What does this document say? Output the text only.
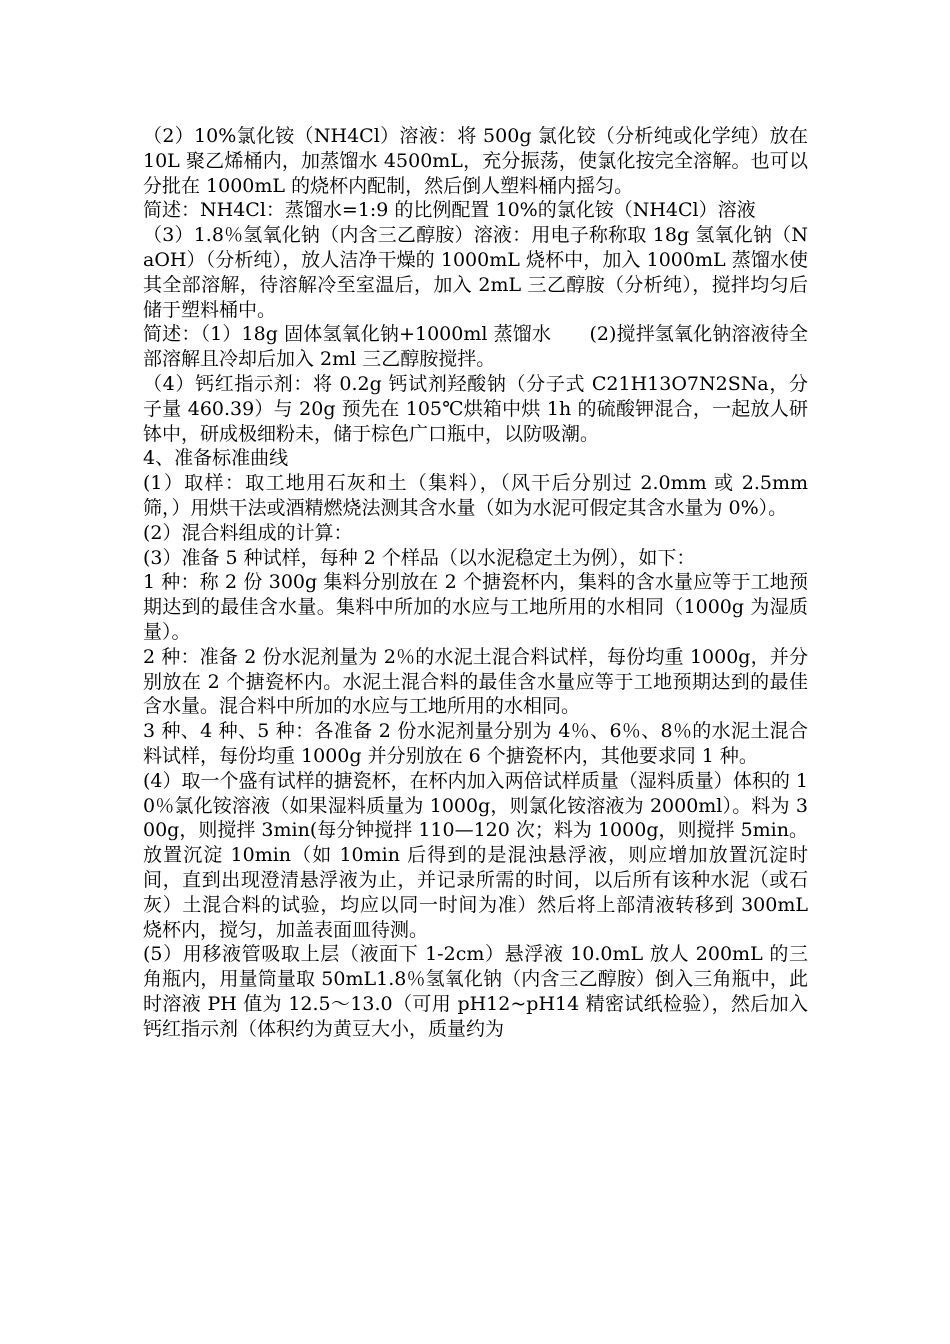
（2）10%氯化铵（NH4Cl）溶液：将 500g 氯化铰（分析纯或化学纯）放在 10L 聚乙烯桶内，加蒸馏水 4500mL，充分振荡，使氯化按完全溶解。也可以分批在 1000mL 的烧杯内配制，然后倒人塑料桶内摇匀。

简述：NH4Cl：蒸馏水=1:9 的比例配置 10%的氯化铵（NH4Cl）溶液

（3）1.8％氢氧化钠（内含三乙醇胺）溶液：用电子称称取 18g 氢氧化钠（NaOH）（分析纯），放人洁净干燥的 1000mL 烧杯中，加入 1000mL 蒸馏水使其全部溶解，待溶解冷至室温后，加入 2mL 三乙醇胺（分析纯），搅拌均匀后储于塑料桶中。

简述：（1）18g 固体氢氧化钠+1000ml 蒸馏水　　(2)搅拌氢氧化钠溶液待全部溶解且冷却后加入 2ml 三乙醇胺搅拌。

（4）钙红指示剂：将 0.2g 钙试剂羟酸钠（分子式 C21H13O7N2SNa，分子量 460.39）与 20g 预先在 105℃烘箱中烘 1h 的硫酸钾混合，一起放人研钵中，研成极细粉未，储于棕色广口瓶中，以防吸潮。

4、准备标准曲线

(1）取样：取工地用石灰和土（集料），（风干后分别过 2.0mm 或 2.5mm 筛，）用烘干法或酒精燃烧法测其含水量（如为水泥可假定其含水量为 0%）。

(2）混合料组成的计算：

(3）准备 5 种试样，每种 2 个样品（以水泥稳定土为例），如下：

1 种：称 2 份 300g 集料分别放在 2 个搪瓷杯内，集料的含水量应等于工地预期达到的最佳含水量。集料中所加的水应与工地所用的水相同（1000g 为湿质量）。

2 种：准备 2 份水泥剂量为 2％的水泥土混合料试样，每份均重 1000g，并分别放在 2 个搪瓷杯内。水泥土混合料的最佳含水量应等于工地预期达到的最佳含水量。混合料中所加的水应与工地所用的水相同。

3 种、4 种、5 种：各准备 2 份水泥剂量分别为 4％、6％、8％的水泥土混合料试样，每份均重 1000g 并分别放在 6 个搪瓷杯内，其他要求同 1 种。

(4）取一个盛有试样的搪瓷杯，在杯内加入两倍试样质量（湿料质量）体积的 10％氯化铵溶液（如果湿料质量为 1000g，则氯化铵溶液为 2000ml）。料为 300g，则搅拌 3min(每分钟搅拌 110—120 次；料为 1000g，则搅拌 5min。放置沉淀 10min（如 10min 后得到的是混浊悬浮液，则应增加放置沉淀时间，直到出现澄清悬浮液为止，并记录所需的时间，以后所有该种水泥（或石灰）土混合料的试验，均应以同一时间为准）然后将上部清液转移到 300mL 烧杯内，搅匀，加盖表面皿待测。

(5）用移液管吸取上层（液面下 1-2cm）悬浮液 10.0mL 放人 200mL 的三角瓶内，用量筒量取 50mL1.8％氢氧化钠（内含三乙醇胺）倒入三角瓶中，此时溶液 PH 值为 12.5～13.0（可用 pH12~pH14 精密试纸检验），然后加入钙红指示剂（体积约为黄豆大小，质量约为
